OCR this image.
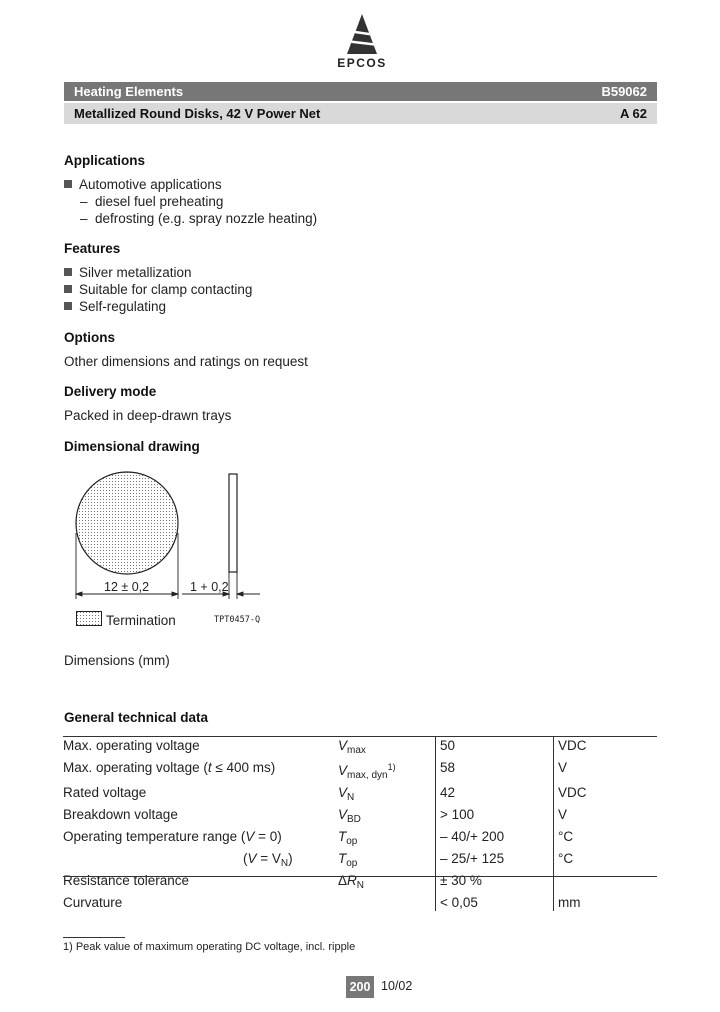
EPCOS
Heating Elements	B59062
Metallized Round Disks, 42 V Power Net	A 62
Applications
Automotive applications
–  diesel fuel preheating
–  defrosting (e.g. spray nozzle heating)
Features
Silver metallization
Suitable for clamp contacting
Self-regulating
Options
Other dimensions and ratings on request
Delivery mode
Packed in deep-drawn trays
Dimensional drawing
12 ± 0,2	1 + 0,2
Termination	TPT0457-Q
Dimensions (mm)
General technical data
Max. operating voltage	$V_{max}$	50	VDC
Max. operating voltage (t ≤ 400 ms)	$V_{max, dyn}^{1)}$	58	V
Rated voltage	$V_N$	42	VDC
Breakdown voltage	$V_{BD}$	> 100	V
Operating temperature range (V = 0)	$T_{op}$	– 40/+ 200	°C
$(V = V_N)$	$T_{op}$	– 25/+ 125	°C
Resistance tolerance	$\Delta R_N$	± 30 %	
Curvature		< 0,05	mm
1) Peak value of maximum operating DC voltage, incl. ripple
200 10/02
